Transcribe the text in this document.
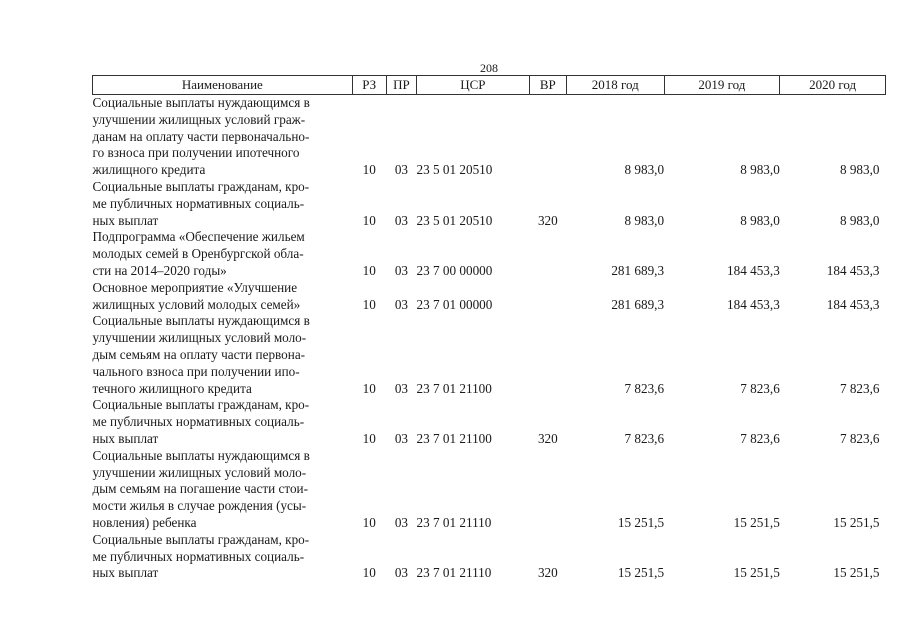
208
Наименование	РЗ	ПР	ЦСР	ВР	2018 год	2019 год	2020 год

Социальные выплаты нуждающимся в
улучшении жилищных условий граж-
данам на оплату части первоначально-
го взноса при получении ипотечного
жилищного кредита	10	03	23 5 01 20510		8 983,0	8 983,0	8 983,0

Социальные выплаты гражданам, кро-
ме публичных нормативных социаль-
ных выплат	10	03	23 5 01 20510	320	8 983,0	8 983,0	8 983,0

Подпрограмма «Обеспечение жильем
молодых семей в Оренбургской обла-
сти на 2014–2020 годы»	10	03	23 7 00 00000		281 689,3	184 453,3	184 453,3

Основное мероприятие «Улучшение
жилищных условий молодых семей»	10	03	23 7 01 00000		281 689,3	184 453,3	184 453,3

Социальные выплаты нуждающимся в
улучшении жилищных условий моло-
дым семьям на оплату части первона-
чального взноса при получении ипо-
течного жилищного кредита	10	03	23 7 01 21100		7 823,6	7 823,6	7 823,6

Социальные выплаты гражданам, кро-
ме публичных нормативных социаль-
ных выплат	10	03	23 7 01 21100	320	7 823,6	7 823,6	7 823,6

Социальные выплаты нуждающимся в
улучшении жилищных условий моло-
дым семьям на погашение части стои-
мости жилья в случае рождения (усы-
новления) ребенка	10	03	23 7 01 21110		15 251,5	15 251,5	15 251,5

Социальные выплаты гражданам, кро-
ме публичных нормативных социаль-
ных выплат	10	03	23 7 01 21110	320	15 251,5	15 251,5	15 251,5
